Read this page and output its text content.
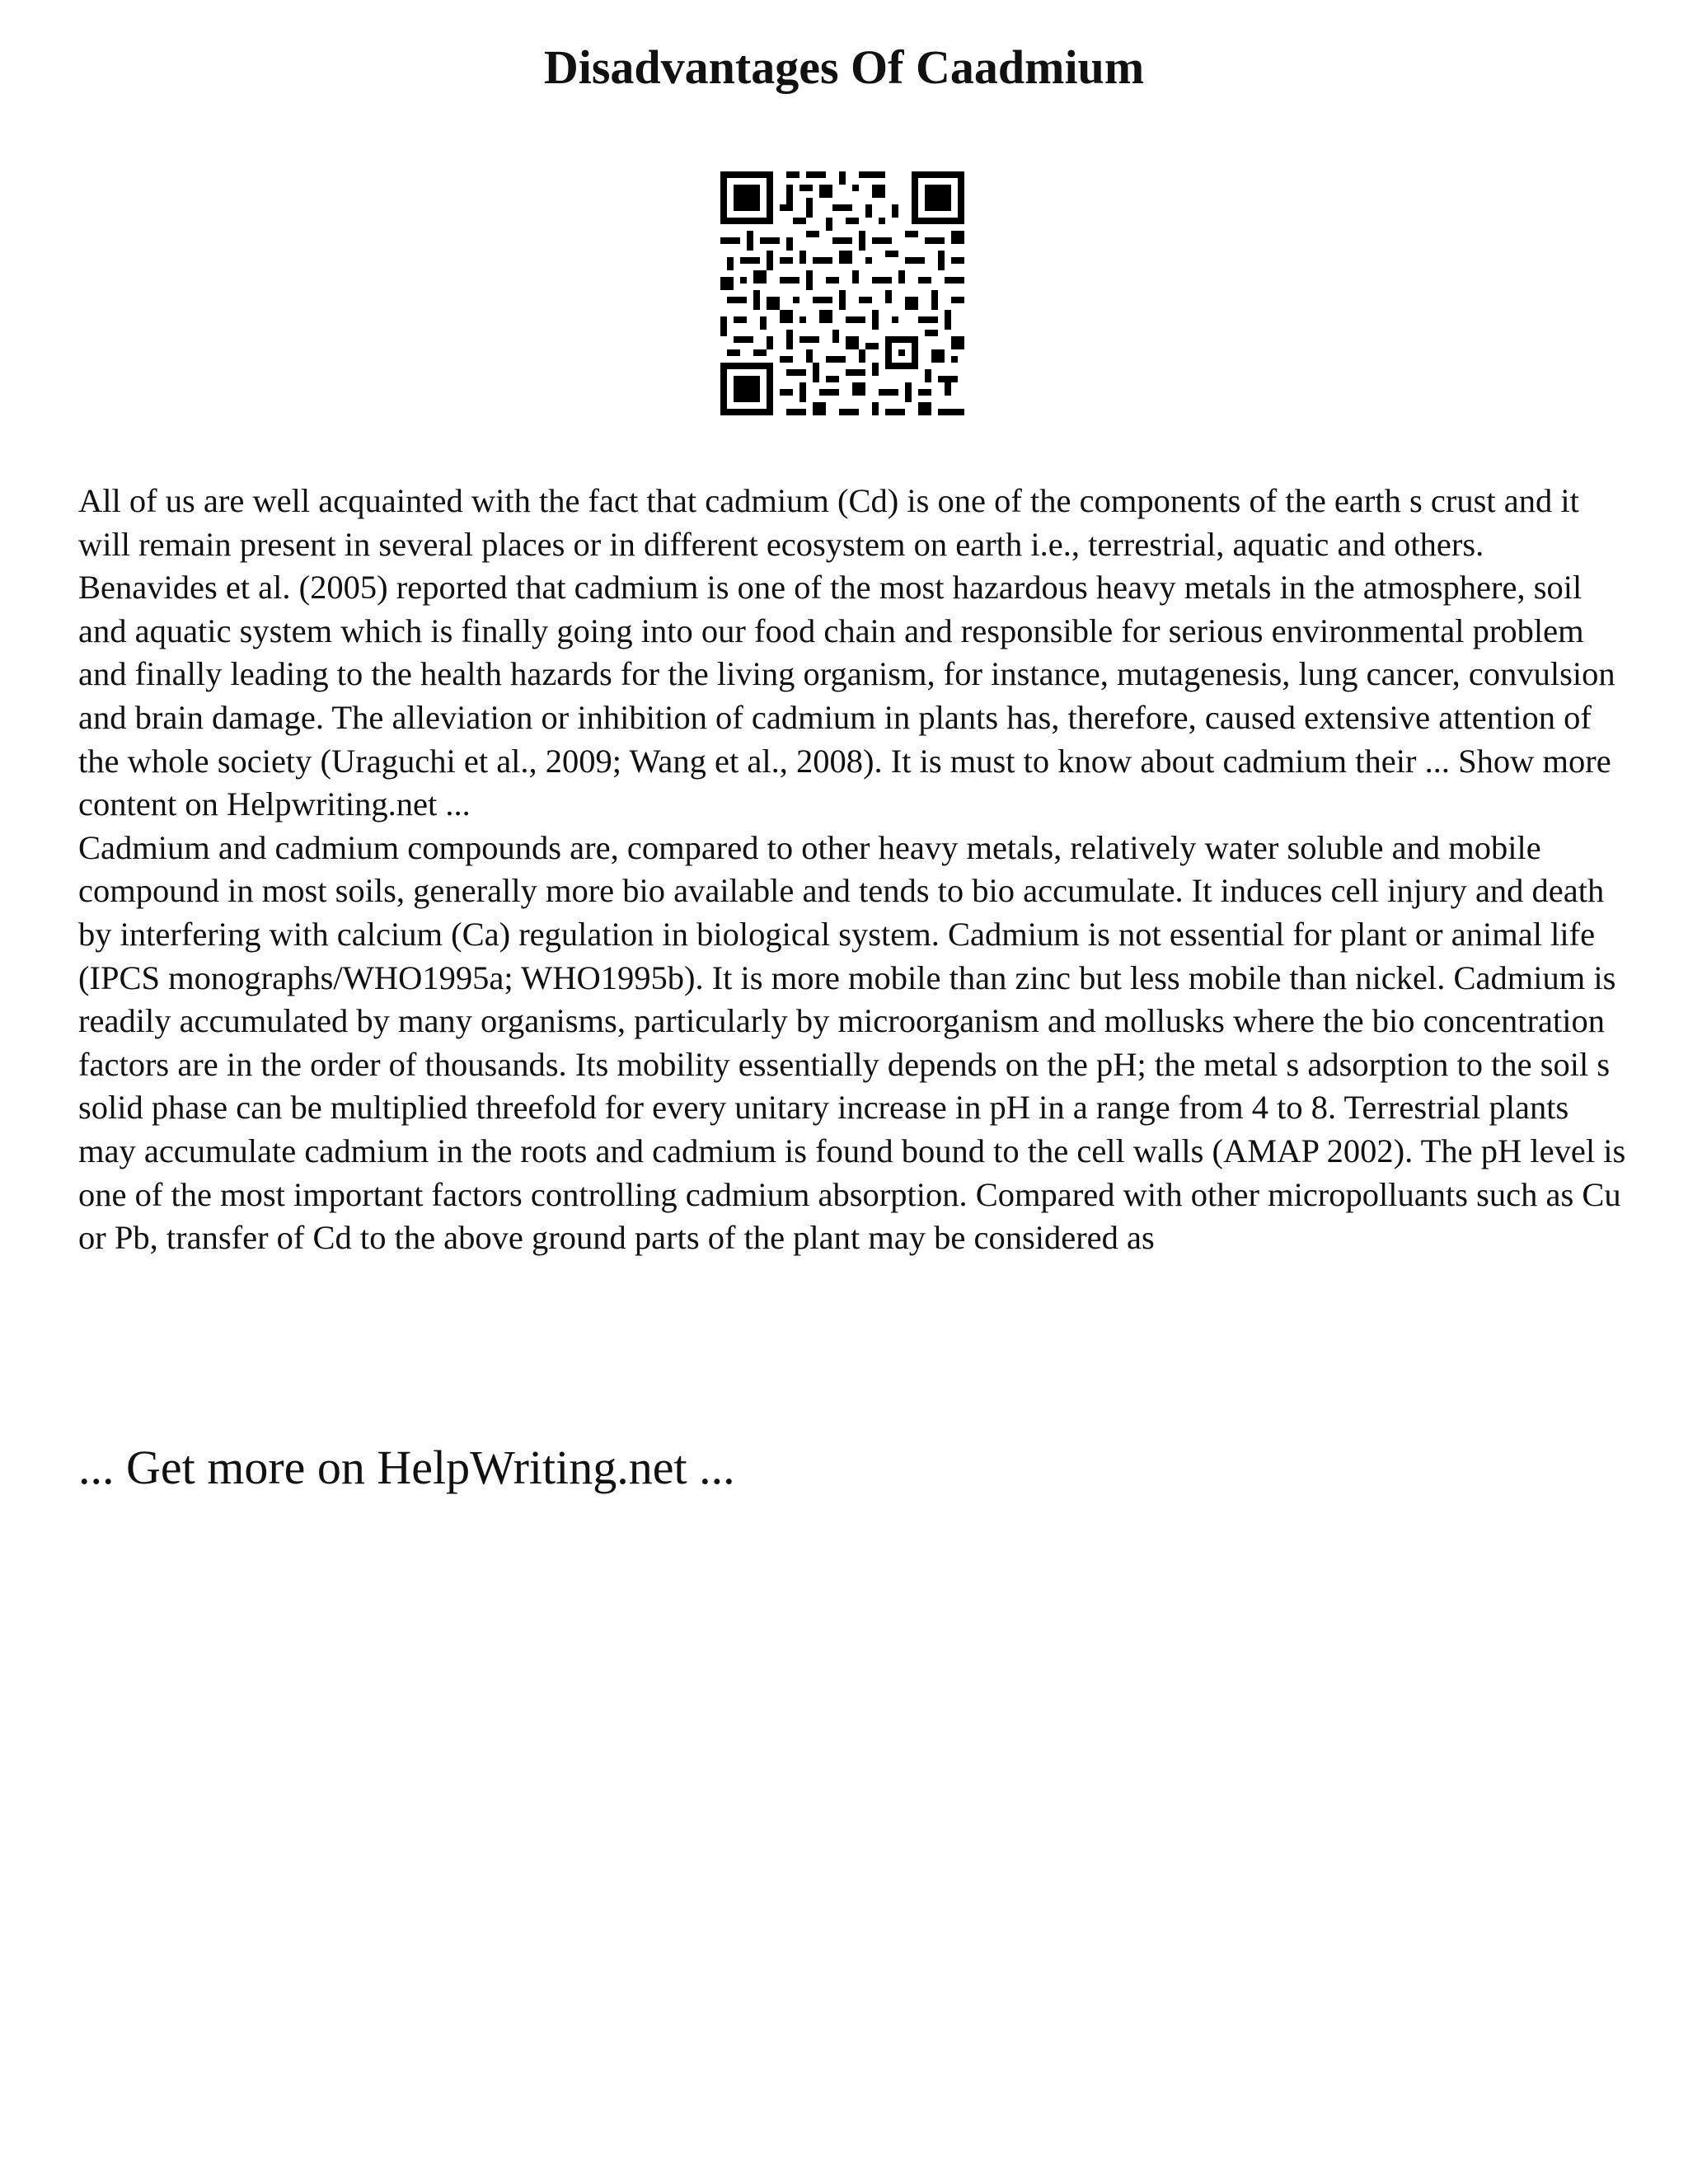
Disadvantages Of Caadmium

All of us are well acquainted with the fact that cadmium (Cd) is one of the components of the earth s crust and it will remain present in several places or in different ecosystem on earth i.e., terrestrial, aquatic and others. Benavides et al. (2005) reported that cadmium is one of the most hazardous heavy metals in the atmosphere, soil and aquatic system which is finally going into our food chain and responsible for serious environmental problem and finally leading to the health hazards for the living organism, for instance, mutagenesis, lung cancer, convulsion and brain damage. The alleviation or inhibition of cadmium in plants has, therefore, caused extensive attention of the whole society (Uraguchi et al., 2009; Wang et al., 2008). It is must to know about cadmium their ... Show more content on Helpwriting.net ...

Cadmium and cadmium compounds are, compared to other heavy metals, relatively water soluble and mobile compound in most soils, generally more bio available and tends to bio accumulate. It induces cell injury and death by interfering with calcium (Ca) regulation in biological system. Cadmium is not essential for plant or animal life (IPCS monographs/WHO1995a; WHO1995b). It is more mobile than zinc but less mobile than nickel. Cadmium is readily accumulated by many organisms, particularly by microorganism and mollusks where the bio concentration factors are in the order of thousands. Its mobility essentially depends on the pH; the metal s adsorption to the soil s solid phase can be multiplied threefold for every unitary increase in pH in a range from 4 to 8. Terrestrial plants may accumulate cadmium in the roots and cadmium is found bound to the cell walls (AMAP 2002). The pH level is one of the most important factors controlling cadmium absorption. Compared with other micropolluants such as Cu or Pb, transfer of Cd to the above ground parts of the plant may be considered as

... Get more on HelpWriting.net ...
